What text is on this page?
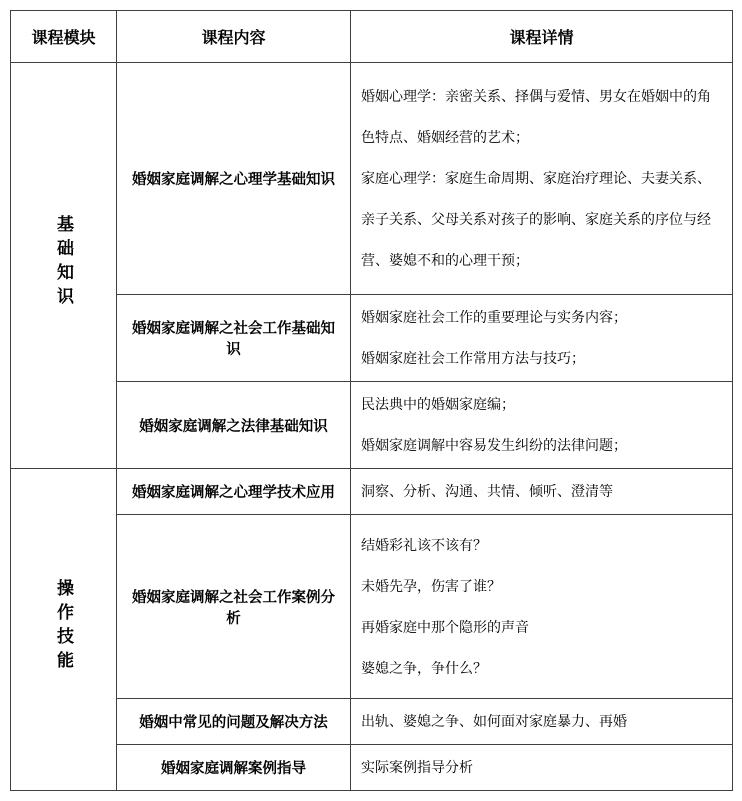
课程模块	课程内容	课程详情
基础知识	婚姻家庭调解之心理学基础知识	婚姻心理学：亲密关系、择偶与爱情、男女在婚姻中的角色特点、婚姻经营的艺术；

家庭心理学：家庭生命周期、家庭治疗理论、夫妻关系、亲子关系、父母关系对孩子的影响、家庭关系的序位与经营、婆媳不和的心理干预；

	婚姻家庭调解之社会工作基础知识	婚姻家庭社会工作的重要理论与实务内容；

婚姻家庭社会工作常用方法与技巧；

	婚姻家庭调解之法律基础知识	民法典中的婚姻家庭编；

婚姻家庭调解中容易发生纠纷的法律问题；

操作技能	婚姻家庭调解之心理学技术应用	洞察、分析、沟通、共情、倾听、澄清等

	婚姻家庭调解之社会工作案例分析	结婚彩礼该不该有？

未婚先孕，伤害了谁？

再婚家庭中那个隐形的声音

婆媳之争，争什么？

	婚姻中常见的问题及解决方法	出轨、婆媳之争、如何面对家庭暴力、再婚

	婚姻家庭调解案例指导	实际案例指导分析
